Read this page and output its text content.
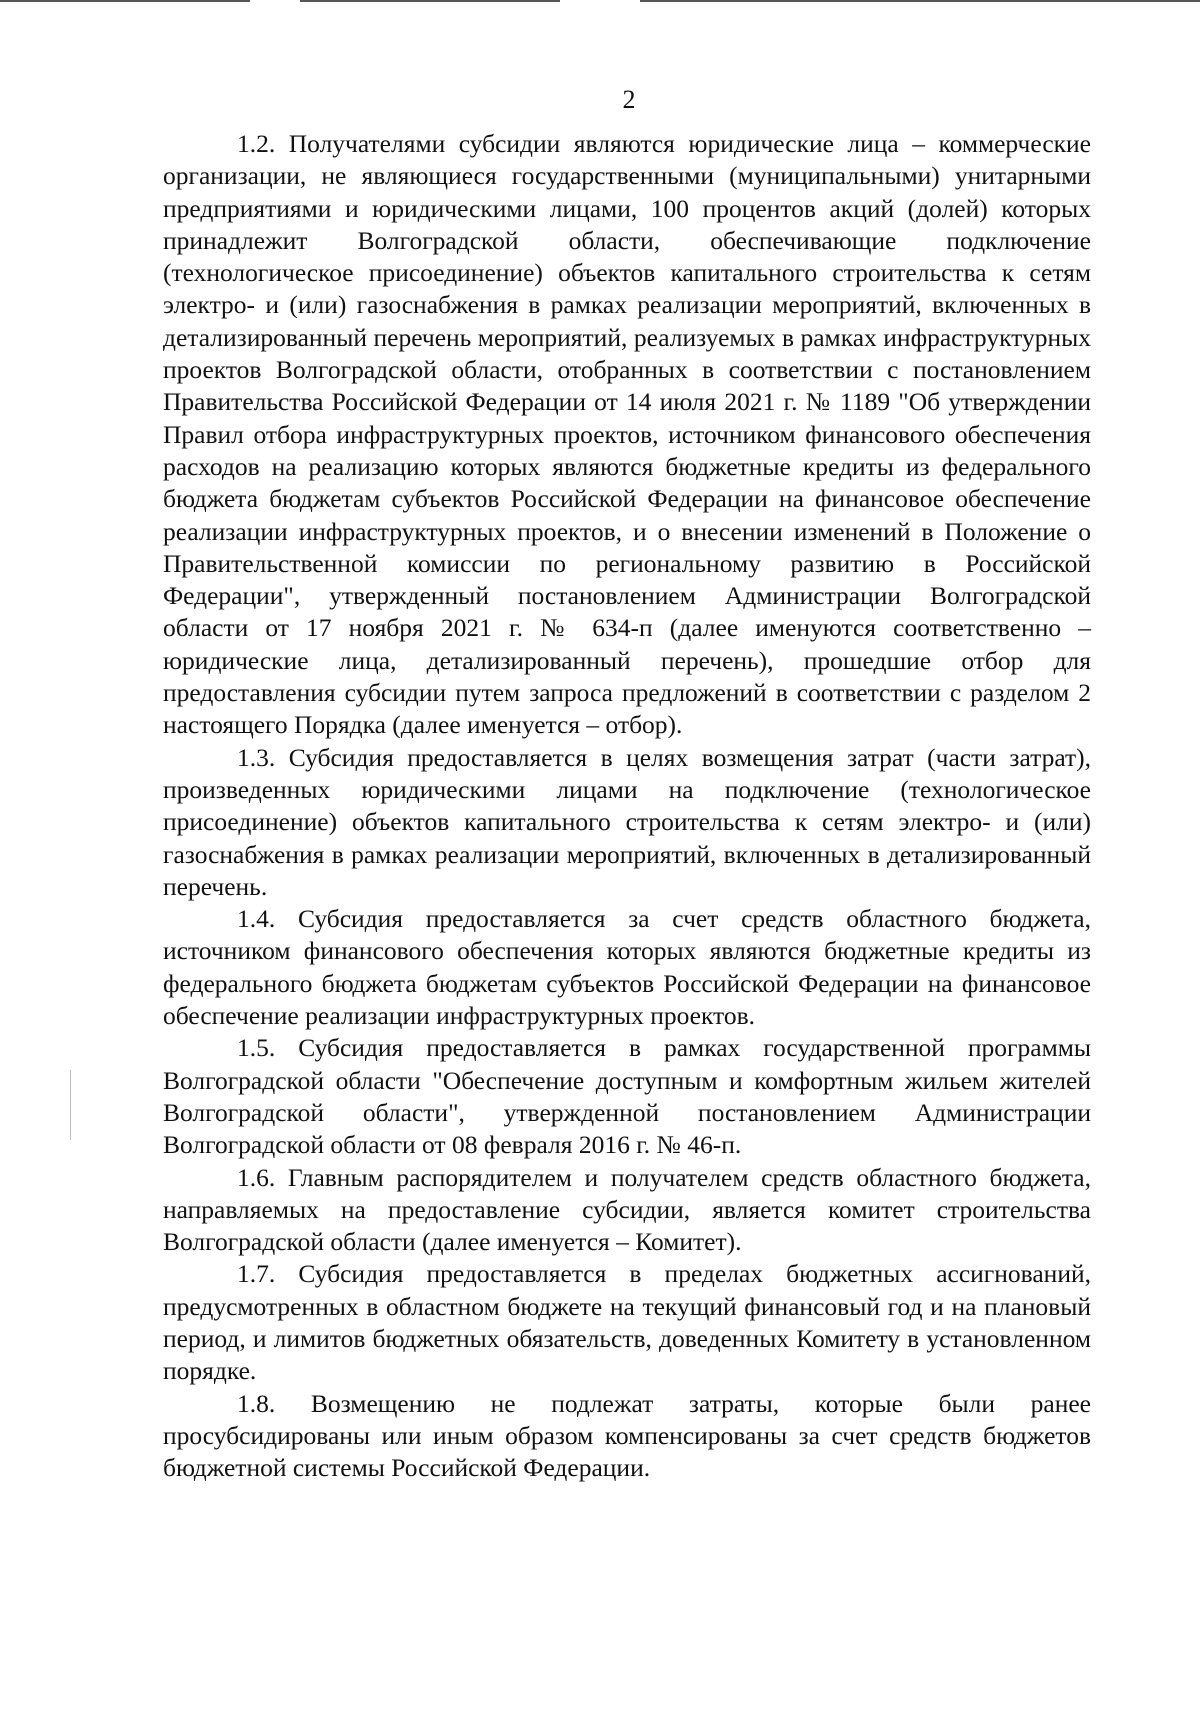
2

1.2. Получателями субсидии являются юридические лица – коммерческие организации, не являющиеся государственными (муниципальными) унитарными предприятиями и юридическими лицами, 100 процентов акций (долей) которых принадлежит Волгоградской области, обеспечивающие подключение (технологическое присоединение) объектов капитального строительства к сетям электро- и (или) газоснабжения в рамках реализации мероприятий, включенных в детализированный перечень мероприятий, реализуемых в рамках инфраструктурных проектов Волгоградской области, отобранных в соответствии с постановлением Правительства Российской Федерации от 14 июля 2021 г. № 1189 "Об утверждении Правил отбора инфраструктурных проектов, источником финансового обеспечения расходов на реализацию которых являются бюджетные кредиты из федерального бюджета бюджетам субъектов Российской Федерации на финансовое обеспечение реализации инфраструктурных проектов, и о внесении изменений в Положение о Правительственной комиссии по региональному развитию в Российской Федерации", утвержденный постановлением Администрации Волгоградской области от 17 ноября 2021 г. № 634-п (далее именуются соответственно – юридические лица, детализированный перечень), прошедшие отбор для предоставления субсидии путем запроса предложений в соответствии с разделом 2 настоящего Порядка (далее именуется – отбор).

1.3. Субсидия предоставляется в целях возмещения затрат (части затрат), произведенных юридическими лицами на подключение (технологическое присоединение) объектов капитального строительства к сетям электро- и (или) газоснабжения в рамках реализации мероприятий, включенных в детализированный перечень.

1.4. Субсидия предоставляется за счет средств областного бюджета, источником финансового обеспечения которых являются бюджетные кредиты из федерального бюджета бюджетам субъектов Российской Федерации на финансовое обеспечение реализации инфраструктурных проектов.

1.5. Субсидия предоставляется в рамках государственной программы Волгоградской области "Обеспечение доступным и комфортным жильем жителей Волгоградской области", утвержденной постановлением Администрации Волгоградской области от 08 февраля 2016 г. № 46-п.

1.6. Главным распорядителем и получателем средств областного бюджета, направляемых на предоставление субсидии, является комитет строительства Волгоградской области (далее именуется – Комитет).

1.7. Субсидия предоставляется в пределах бюджетных ассигнований, предусмотренных в областном бюджете на текущий финансовый год и на плановый период, и лимитов бюджетных обязательств, доведенных Комитету в установленном порядке.

1.8. Возмещению не подлежат затраты, которые были ранее просубсидированы или иным образом компенсированы за счет средств бюджетов бюджетной системы Российской Федерации.
